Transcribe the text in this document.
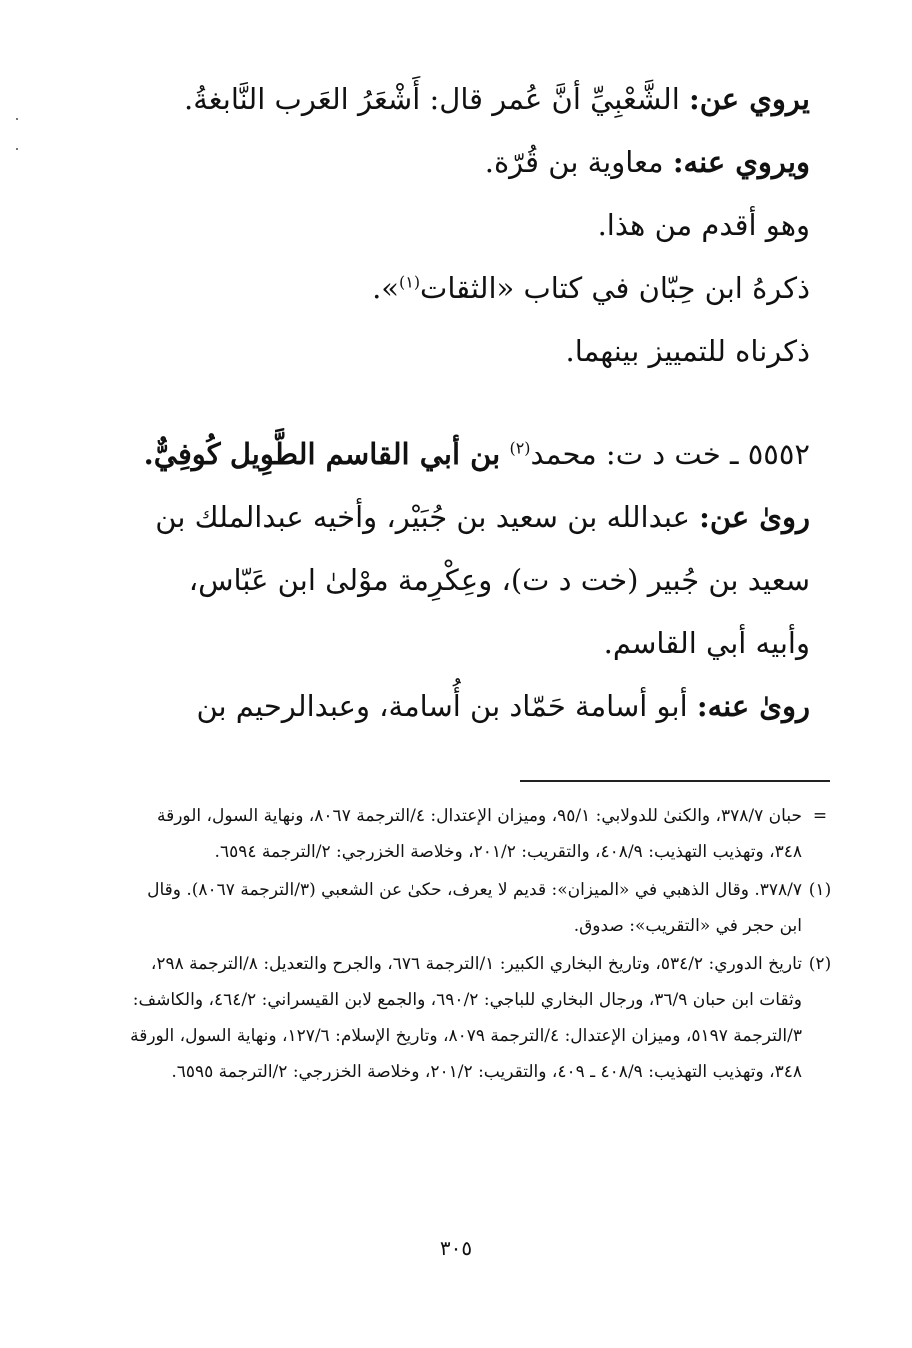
يروي عن: الشَّعْبِيِّ أنَّ عُمر قال: أَشْعَرُ العَرب النَّابغةُ.

ويروي عنه: معاوية بن قُرّة.

وهو أقدم من هذا.

ذكرهُ ابن حِبّان في كتاب «الثقات$^{(١)}$».

ذكرناه للتمييز بينهما.

٥٥٥٢ ـ خت د ت: محمد$^{(٢)}$ بن أبي القاسم الطَّوِيل كُوفِيٌّ.

روىٰ عن: عبدالله بن سعيد بن جُبَيْر، وأخيه عبدالملك بن سعيد بن جُبير (خت د ت)، وعِكْرِمة موْلىٰ ابن عَبّاس، وأبيه أبي القاسم.

روىٰ عنه: أبو أسامة حَمّاد بن أُسامة، وعبدالرحيم بن

=
حبان ٣٧٨/٧، والكنىٰ للدولابي: ٩٥/١، وميزان الإعتدال: ٤/الترجمة ٨٠٦٧، ونهاية السول، الورقة ٣٤٨، وتهذيب التهذيب: ٤٠٨/٩، والتقريب: ٢٠١/٢، وخلاصة الخزرجي: ٢/الترجمة ٦٥٩٤.
(١)
٣٧٨/٧. وقال الذهبي في «الميزان»: قديم لا يعرف، حكىٰ عن الشعبي (٣/الترجمة ٨٠٦٧). وقال ابن حجر في «التقريب»: صدوق.
(٢)
تاريخ الدوري: ٥٣٤/٢، وتاريخ البخاري الكبير: ١/الترجمة ٦٧٦، والجرح والتعديل: ٨/الترجمة ٢٩٨، وثقات ابن حبان ٣٦/٩، ورجال البخاري للباجي: ٦٩٠/٢، والجمع لابن القيسراني: ٤٦٤/٢، والكاشف: ٣/الترجمة ٥١٩٧، وميزان الإعتدال: ٤/الترجمة ٨٠٧٩، وتاريخ الإسلام: ١٢٧/٦، ونهاية السول، الورقة ٣٤٨، وتهذيب التهذيب: ٤٠٨/٩ ـ ٤٠٩، والتقريب: ٢٠١/٢، وخلاصة الخزرجي: ٢/الترجمة ٦٥٩٥.
٣٠٥
